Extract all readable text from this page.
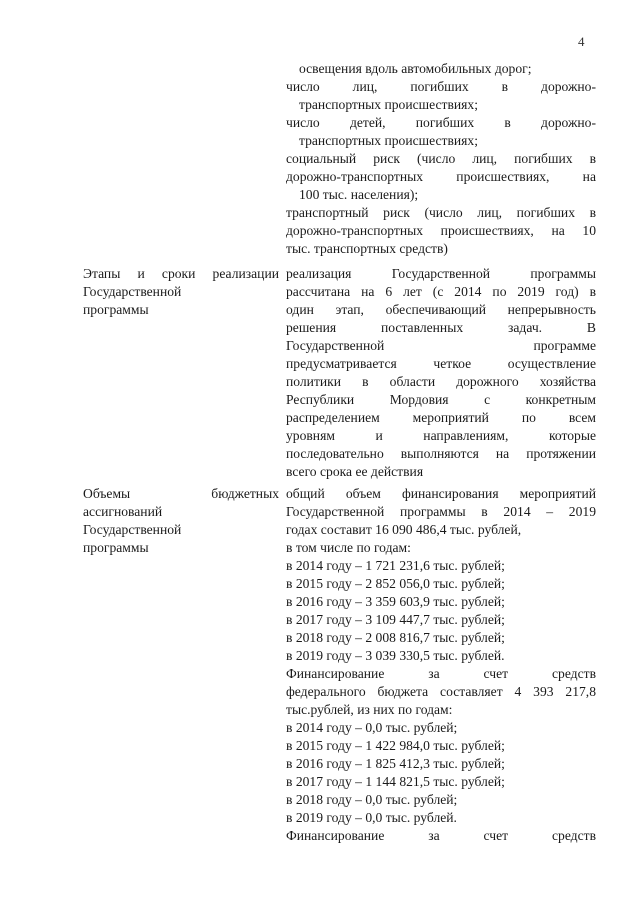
4
освещения вдоль автомобильных дорог;
число лиц, погибших в дорожно-
транспортных происшествиях;
число детей, погибших в дорожно-
транспортных происшествиях;
социальный риск (число лиц, погибших в
дорожно-транспортных происшествиях, на
100 тыс. населения);
транспортный риск (число лиц, погибших в
дорожно-транспортных происшествиях, на 10
тыс. транспортных средств)
Этапы и сроки реализации
Государственной
программы
реализация Государственной программы
рассчитана на 6 лет (с 2014 по 2019 год) в
один этап, обеспечивающий непрерывность
решения поставленных задач. В
Государственной программе
предусматривается четкое осуществление
политики в области дорожного хозяйства
Республики Мордовия с конкретным
распределением мероприятий по всем
уровням и направлениям, которые
последовательно выполняются на протяжении
всего срока ее действия
Объемы бюджетных
ассигнований
Государственной
программы
общий объем финансирования мероприятий
Государственной программы в 2014 – 2019
годах составит 16 090 486,4 тыс. рублей,
в том числе по годам:
в 2014 году – 1 721 231,6 тыс. рублей;
в 2015 году – 2 852 056,0 тыс. рублей;
в 2016 году – 3 359 603,9 тыс. рублей;
в 2017 году – 3 109 447,7 тыс. рублей;
в 2018 году – 2 008 816,7 тыс. рублей;
в 2019 году – 3 039 330,5 тыс. рублей.
Финансирование за счет средств
федерального бюджета составляет 4 393 217,8
тыс.рублей, из них по годам:
в 2014 году – 0,0 тыс. рублей;
в 2015 году – 1 422 984,0 тыс. рублей;
в 2016 году – 1 825 412,3 тыс. рублей;
в 2017 году – 1 144 821,5 тыс. рублей;
в 2018 году – 0,0 тыс. рублей;
в 2019 году – 0,0 тыс. рублей.
Финансирование за счет средств
